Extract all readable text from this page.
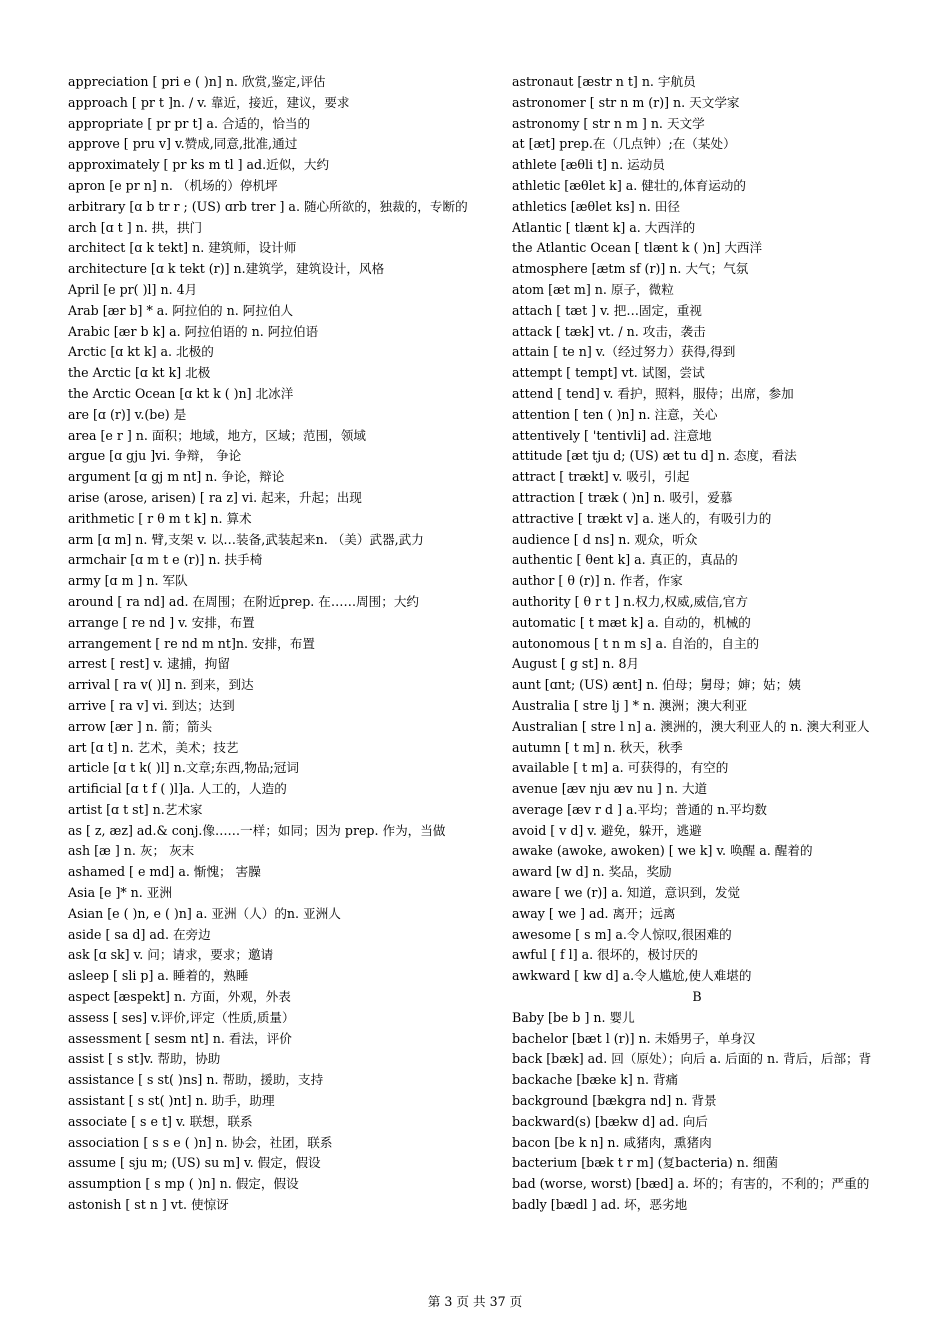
appreciation [ pri e ( )n] n. 欣赏,鉴定,评估

approach [ pr t ]n. / v. 靠近，接近，建议，要求

appropriate [ pr pr t] a. 合适的，恰当的

approve [ pru v] v.赞成,同意,批准,通过

approximately [ pr ks m tl ] ad.近似，大约

apron [e pr n] n. （机场的）停机坪

arbitrary [ɑ b tr r ; (US) ɑrb trer ] a. 随心所欲的，独裁的，专断的

arch [ɑ t ] n. 拱，拱门

architect [ɑ k tekt] n. 建筑师，设计师

architecture [ɑ k tekt (r)] n.建筑学，建筑设计，风格

April [e pr( )l] n. 4月

Arab [ær b] * a. 阿拉伯的 n. 阿拉伯人

Arabic [ær b k] a. 阿拉伯语的 n. 阿拉伯语

Arctic [ɑ kt k] a. 北极的

the Arctic [ɑ kt k] 北极

the Arctic Ocean [ɑ kt k ( )n] 北冰洋

are [ɑ (r)] v.(be) 是

area [e r ] n. 面积；地域，地方，区域；范围，领域

argue [ɑ gju ]vi. 争辩， 争论

argument [ɑ gj m nt] n. 争论，辩论

arise (arose, arisen) [ ra z] vi. 起来，升起；出现

arithmetic [ r θ m t k] n. 算术

arm [ɑ m] n. 臂,支架 v. 以…装备,武装起来n. （美）武器,武力

armchair [ɑ m t e (r)] n. 扶手椅

army [ɑ m ] n. 军队

around [ ra nd] ad. 在周围；在附近prep. 在……周围；大约

arrange [ re nd ] v. 安排，布置

arrangement [ re nd m nt]n. 安排，布置

arrest [ rest] v. 逮捕，拘留

arrival [ ra v( )l] n. 到来，到达

arrive [ ra v] vi. 到达；达到

arrow [ær ] n. 箭；箭头

art [ɑ t] n. 艺术，美术；技艺

article [ɑ t k( )l] n.文章;东西,物品;冠词

artificial [ɑ t f ( )l]a. 人工的，人造的

artist [ɑ t st] n.艺术家

as [ z, æz] ad.& conj.像……一样；如同；因为 prep. 作为，当做

ash [æ ] n. 灰； 灰末

ashamed [ e md] a. 惭愧； 害臊

Asia [e ]* n. 亚洲

Asian [e ( )n, e ( )n] a. 亚洲（人）的n. 亚洲人

aside [ sa d] ad. 在旁边

ask [ɑ sk] v. 问；请求，要求；邀请

asleep [ sli p] a. 睡着的，熟睡

aspect [æspekt] n. 方面，外观，外表

assess [ ses] v.评价,评定（性质,质量）

assessment [ sesm nt] n. 看法，评价

assist [ s st]v. 帮助，协助

assistance [ s st( )ns] n. 帮助，援助，支持

assistant [ s st( )nt] n. 助手，助理

associate [ s e t] v. 联想，联系

association [ s s e ( )n] n. 协会，社团，联系

assume [ sju m; (US) su m] v. 假定，假设

assumption [ s mp ( )n] n. 假定，假设

astonish [ st n ] vt. 使惊讶

astronaut [æstr n t] n. 宇航员

astronomer [ str n m (r)] n. 天文学家

astronomy [ str n m ] n. 天文学

at [æt] prep.在（几点钟）;在（某处）

athlete [æθli t] n. 运动员

athletic [æθlet k] a. 健壮的,体育运动的

athletics [æθlet ks] n. 田径

Atlantic [ tlænt k] a. 大西洋的

the Atlantic Ocean [ tlænt k ( )n] 大西洋

atmosphere [ætm sf (r)] n. 大气；气氛

atom [æt m] n. 原子，微粒

attach [ tæt ] v. 把…固定，重视

attack [ tæk] vt. / n. 攻击，袭击

attain [ te n] v.（经过努力）获得,得到

attempt [ tempt] vt. 试图，尝试

attend [ tend] v. 看护，照料，服侍；出席，参加

attention [ ten ( )n] n. 注意，关心

attentively [ 'tentivli] ad. 注意地

attitude [æt tju d; (US) æt tu d] n. 态度，看法

attract [ trækt] v. 吸引，引起

attraction [ træk ( )n] n. 吸引，爱慕

attractive [ trækt v] a. 迷人的，有吸引力的

audience [ d ns] n. 观众，听众

authentic [ θent k] a. 真正的，真品的

author [ θ (r)] n. 作者，作家

authority [ θ r t ] n.权力,权威,威信,官方

automatic [ t mæt k] a. 自动的，机械的

autonomous [ t n m s] a. 自治的，自主的

August [ g st] n. 8月

aunt [ɑnt; (US) ænt] n. 伯母；舅母；婶；姑；姨

Australia [ stre lj ] * n. 澳洲；澳大利亚

Australian [ stre l n] a. 澳洲的，澳大利亚人的 n. 澳大利亚人

autumn [ t m] n. 秋天，秋季

available [ t m] a. 可获得的，有空的

avenue [æv nju æv nu ] n. 大道

average [æv r d ] a.平均；普通的 n.平均数

avoid [ v d] v. 避免，躲开，逃避

awake (awoke, awoken) [ we k] v. 唤醒 a. 醒着的

award [w d] n. 奖品，奖励

aware [ we (r)] a. 知道，意识到，发觉

away [ we ] ad. 离开；远离

awesome [ s m] a.令人惊叹,很困难的

awful [ f l] a. 很坏的，极讨厌的

awkward [ kw d] a.令人尴尬,使人难堪的

B

Baby [be b ] n. 婴儿

bachelor [bæt l (r)] n. 未婚男子，单身汉

back [bæk] ad. 回（原处）；向后 a. 后面的 n. 背后，后部；背

backache [bæke k] n. 背痛

background [bækgra nd] n. 背景

backward(s) [bækw d] ad. 向后

bacon [be k n] n. 咸猪肉，熏猪肉

bacterium [bæk t r m] (复bacteria) n. 细菌

bad (worse, worst) [bæd] a. 坏的；有害的，不利的；严重的

badly [bædl ] ad. 坏，恶劣地

第 3 页 共 37 页
